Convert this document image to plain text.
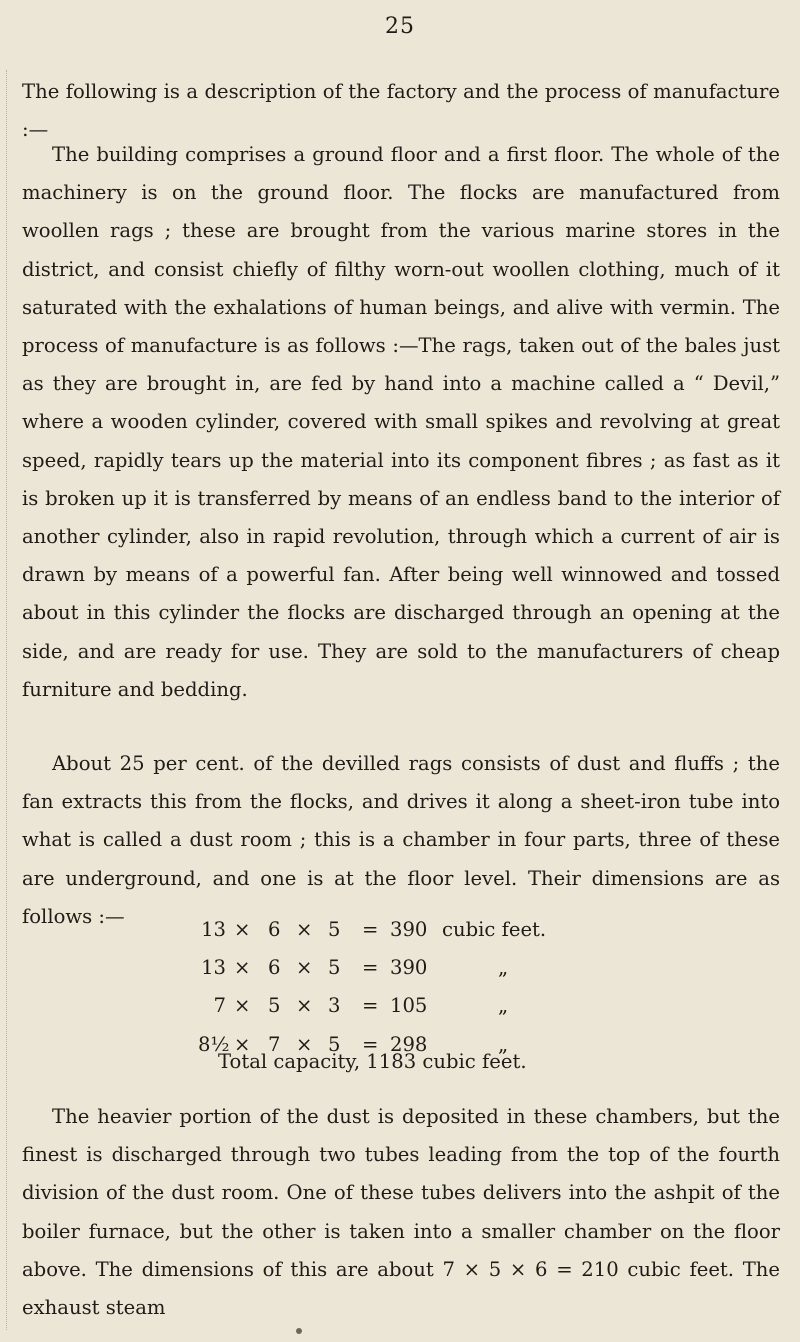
25

The following is a description of the factory and the process of manufacture :—

The building comprises a ground floor and a first floor. The whole of the machinery is on the ground floor. The flocks are manufactured from woollen rags ; these are brought from the various marine stores in the district, and consist chiefly of filthy worn-out woollen clothing, much of it saturated with the exhalations of human beings, and alive with vermin. The process of manufacture is as follows :—The rags, taken out of the bales just as they are brought in, are fed by hand into a machine called a “ Devil,” where a wooden cylinder, covered with small spikes and revolving at great speed, rapidly tears up the material into its component fibres ; as fast as it is broken up it is transferred by means of an endless band to the interior of another cylinder, also in rapid revolution, through which a current of air is drawn by means of a powerful fan. After being well winnowed and tossed about in this cylinder the flocks are discharged through an opening at the side, and are ready for use. They are sold to the manufacturers of cheap furniture and bedding.

About 25 per cent. of the devilled rags consists of dust and fluffs ; the fan extracts this from the flocks, and drives it along a sheet-iron tube into what is called a dust room ; this is a chamber in four parts, three of these are underground, and one is at the floor level. Their dimensions are as follows :—

13 × 6 × 5 = 390 cubic feet.
13 × 6 × 5 = 390	„
7 × 5 × 3 = 105	„
8½ × 7 × 5 = 298	„
Total capacity, 1183 cubic feet.

The heavier portion of the dust is deposited in these chambers, but the finest is discharged through two tubes leading from the top of the fourth division of the dust room. One of these tubes delivers into the ashpit of the boiler furnace, but the other is taken into a smaller chamber on the floor above. The dimensions of this are about 7 × 5 × 6 = 210 cubic feet. The exhaust steam
